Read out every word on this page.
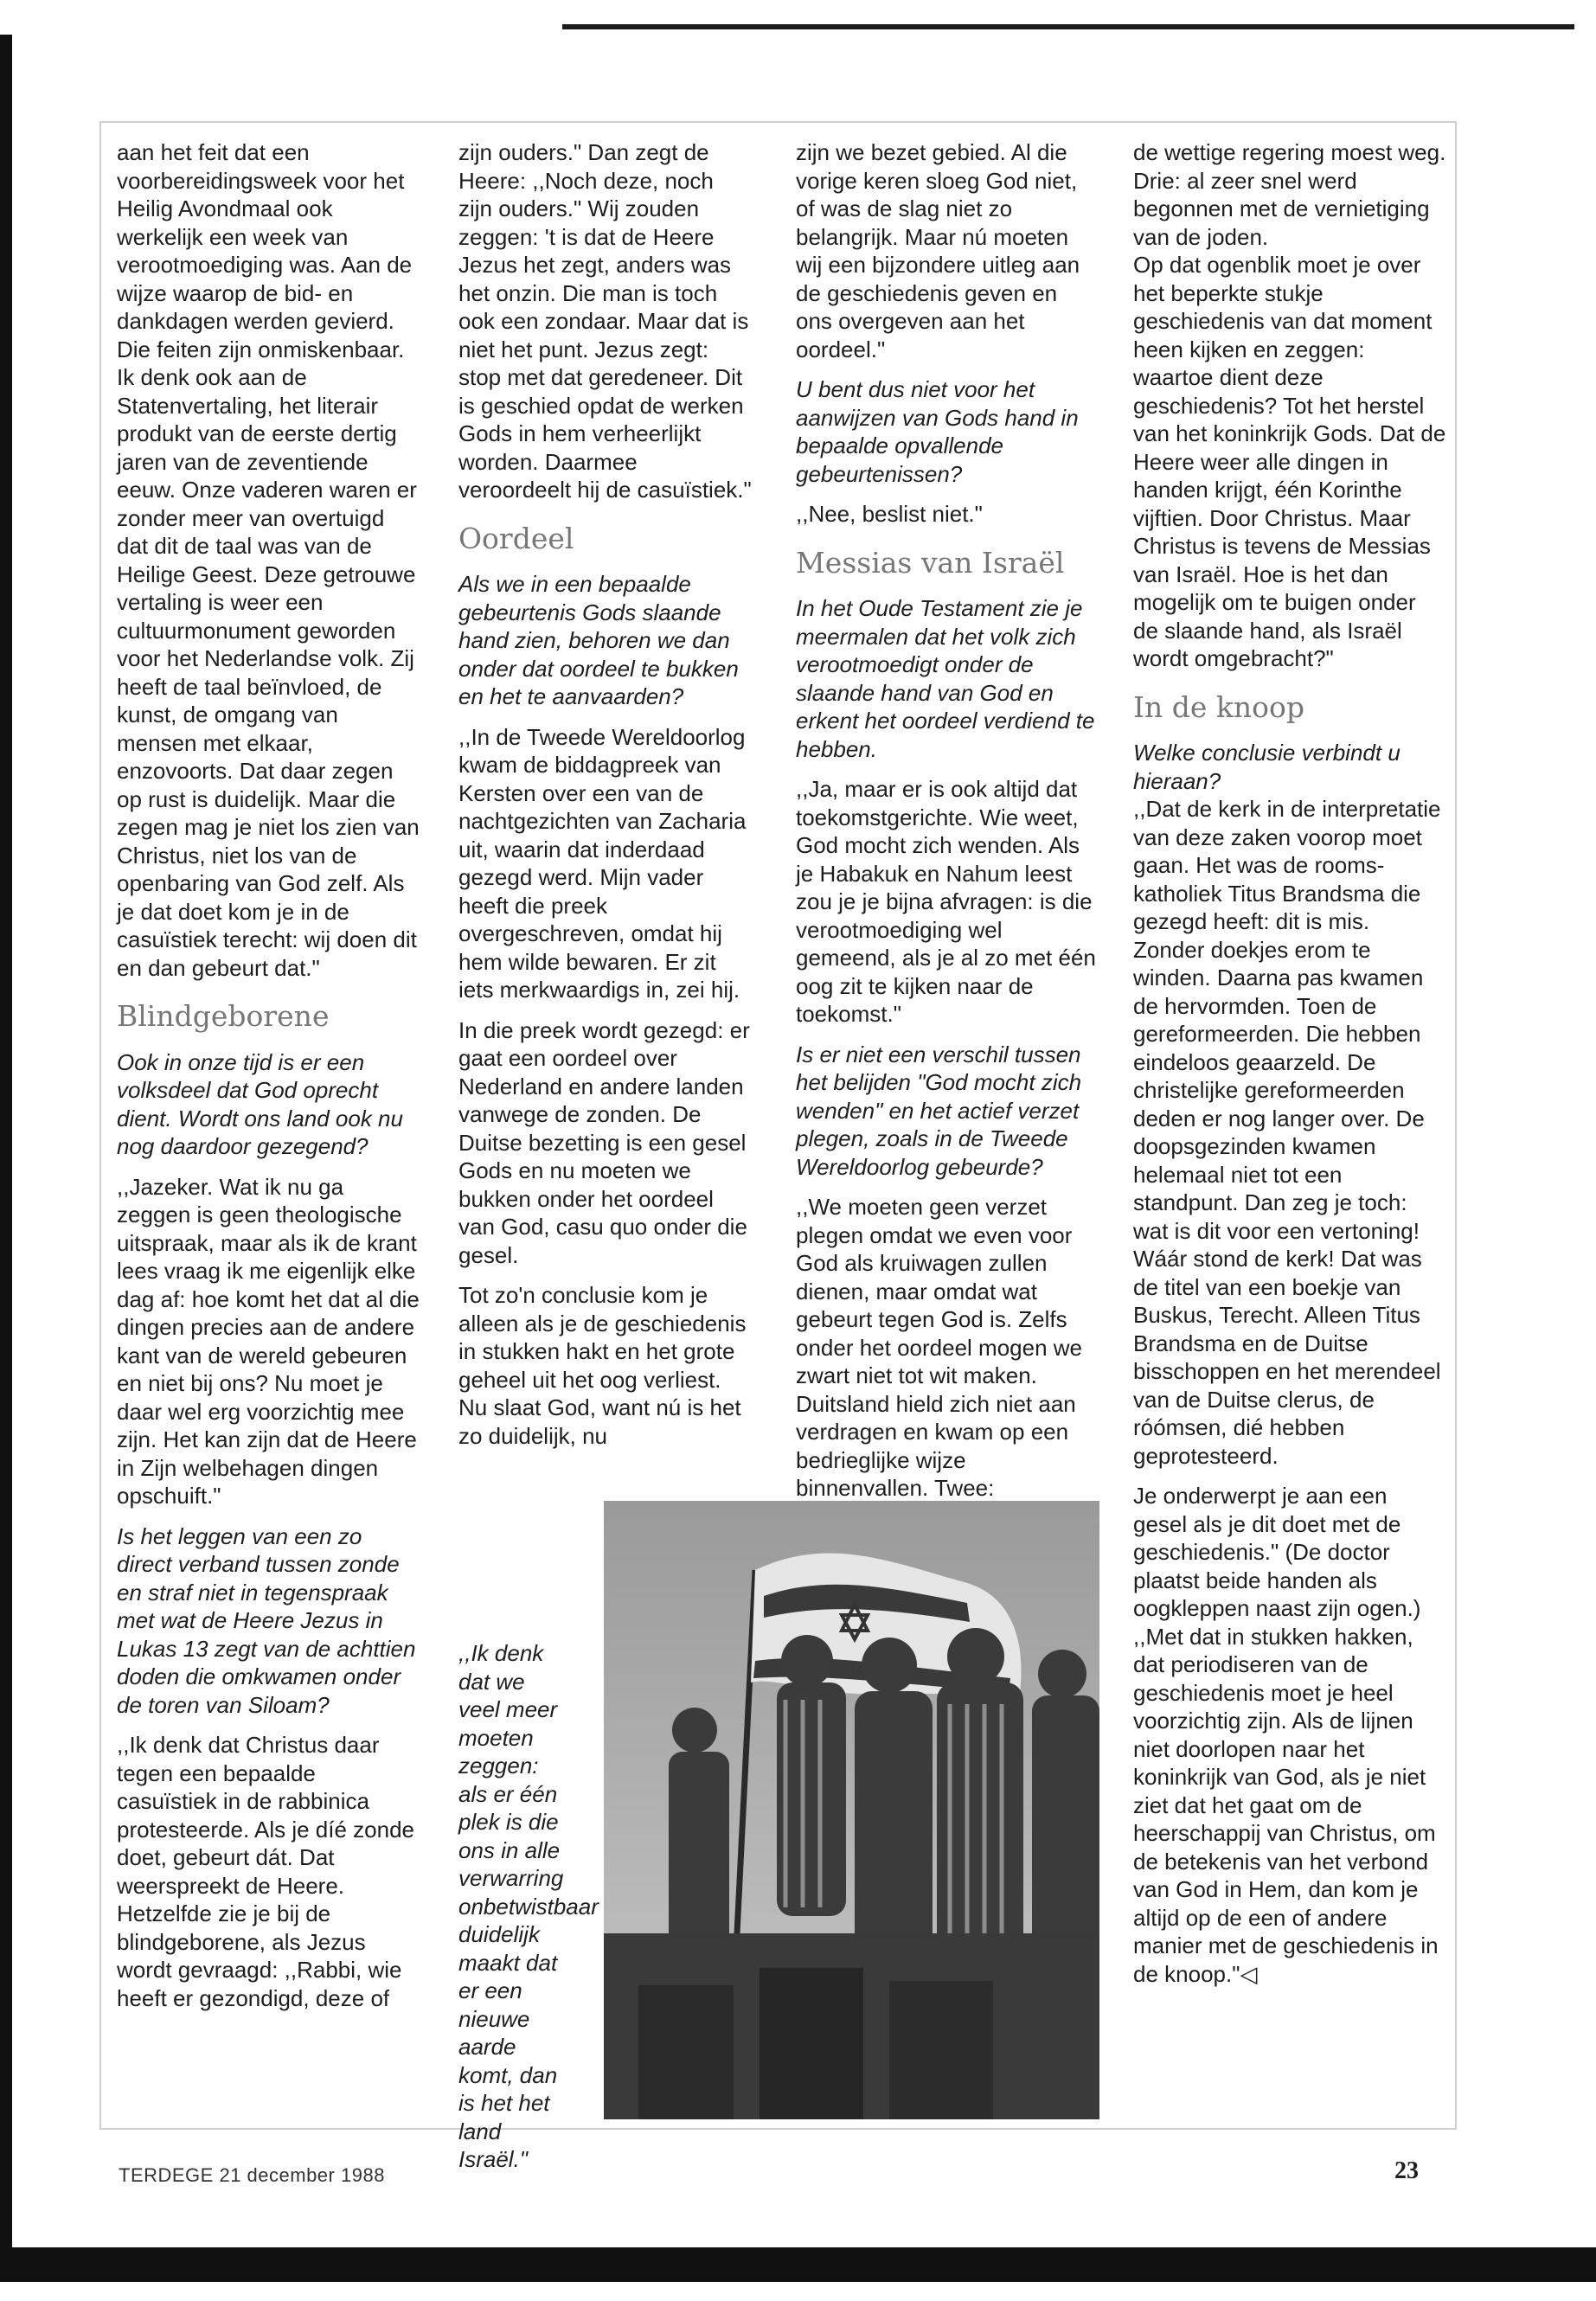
aan het feit dat een voorbereidingsweek voor het Heilig Avondmaal ook werkelijk een week van verootmoediging was. Aan de wijze waarop de bid- en dankdagen werden gevierd. Die feiten zijn onmiskenbaar. Ik denk ook aan de Statenvertaling, het literair produkt van de eerste dertig jaren van de zeventiende eeuw. Onze vaderen waren er zonder meer van overtuigd dat dit de taal was van de Heilige Geest. Deze getrouwe vertaling is weer een cultuurmonument geworden voor het Nederlandse volk. Zij heeft de taal beïnvloed, de kunst, de omgang van mensen met elkaar, enzovoorts. Dat daar zegen op rust is duidelijk. Maar die zegen mag je niet los zien van Christus, niet los van de openbaring van God zelf. Als je dat doet kom je in de casuïstiek terecht: wij doen dit en dan gebeurt dat."

Blindgeborene

Ook in onze tijd is er een volksdeel dat God oprecht dient. Wordt ons land ook nu nog daardoor gezegend?

,,Jazeker. Wat ik nu ga zeggen is geen theologische uitspraak, maar als ik de krant lees vraag ik me eigenlijk elke dag af: hoe komt het dat al die dingen precies aan de andere kant van de wereld gebeuren en niet bij ons? Nu moet je daar wel erg voorzichtig mee zijn. Het kan zijn dat de Heere in Zijn welbehagen dingen opschuift."

Is het leggen van een zo direct verband tussen zonde en straf niet in tegenspraak met wat de Heere Jezus in Lukas 13 zegt van de achttien doden die omkwamen onder de toren van Siloam?

,,Ik denk dat Christus daar tegen een bepaalde casuïstiek in de rabbinica protesteerde. Als je díé zonde doet, gebeurt dát. Dat weerspreekt de Heere. Hetzelfde zie je bij de blindgeborene, als Jezus wordt gevraagd: ,,Rabbi, wie heeft er gezondigd, deze of

zijn ouders." Dan zegt de Heere: ,,Noch deze, noch zijn ouders." Wij zouden zeggen: 't is dat de Heere Jezus het zegt, anders was het onzin. Die man is toch ook een zondaar. Maar dat is niet het punt. Jezus zegt: stop met dat geredeneer. Dit is geschied opdat de werken Gods in hem verheerlijkt worden. Daarmee veroordeelt hij de casuïstiek."

Oordeel

Als we in een bepaalde gebeurtenis Gods slaande hand zien, behoren we dan onder dat oordeel te bukken en het te aanvaarden?

,,In de Tweede Wereldoorlog kwam de biddagpreek van Kersten over een van de nachtgezichten van Zacharia uit, waarin dat inderdaad gezegd werd. Mijn vader heeft die preek overgeschreven, omdat hij hem wilde bewaren. Er zit iets merkwaardigs in, zei hij.

In die preek wordt gezegd: er gaat een oordeel over Nederland en andere landen vanwege de zonden. De Duitse bezetting is een gesel Gods en nu moeten we bukken onder het oordeel van God, casu quo onder die gesel.

Tot zo'n conclusie kom je alleen als je de geschiedenis in stukken hakt en het grote geheel uit het oog verliest. Nu slaat God, want nú is het zo duidelijk, nu

,,Ik denk dat we veel meer moeten zeggen: als er één plek is die ons in alle verwarring onbetwistbaar duidelijk maakt dat er een nieuwe aarde komt, dan is het het land Israël."

zijn we bezet gebied. Al die vorige keren sloeg God niet, of was de slag niet zo belangrijk. Maar nú moeten wij een bijzondere uitleg aan de geschiedenis geven en ons overgeven aan het oordeel."

U bent dus niet voor het aanwijzen van Gods hand in bepaalde opvallende gebeurtenissen?

,,Nee, beslist niet."

Messias van Israël

In het Oude Testament zie je meermalen dat het volk zich verootmoedigt onder de slaande hand van God en erkent het oordeel verdiend te hebben.

,,Ja, maar er is ook altijd dat toekomstgerichte. Wie weet, God mocht zich wenden. Als je Habakuk en Nahum leest zou je je bijna afvragen: is die verootmoediging wel gemeend, als je al zo met één oog zit te kijken naar de toekomst."

Is er niet een verschil tussen het belijden "God mocht zich wenden" en het actief verzet plegen, zoals in de Tweede Wereldoorlog gebeurde?

,,We moeten geen verzet plegen omdat we even voor God als kruiwagen zullen dienen, maar omdat wat gebeurt tegen God is. Zelfs onder het oordeel mogen we zwart niet tot wit maken. Duitsland hield zich niet aan verdragen en kwam op een bedrieglijke wijze binnenvallen. Twee:

de wettige regering moest weg. Drie: al zeer snel werd begonnen met de vernietiging van de joden.

Op dat ogenblik moet je over het beperkte stukje geschiedenis van dat moment heen kijken en zeggen: waartoe dient deze geschiedenis? Tot het herstel van het koninkrijk Gods. Dat de Heere weer alle dingen in handen krijgt, één Korinthe vijftien. Door Christus. Maar Christus is tevens de Messias van Israël. Hoe is het dan mogelijk om te buigen onder de slaande hand, als Israël wordt omgebracht?"

In de knoop

Welke conclusie verbindt u hieraan?

,,Dat de kerk in de interpretatie van deze zaken voorop moet gaan. Het was de rooms-katholiek Titus Brandsma die gezegd heeft: dit is mis. Zonder doekjes erom te winden. Daarna pas kwamen de hervormden. Toen de gereformeerden. Die hebben eindeloos geaarzeld. De christelijke gereformeerden deden er nog langer over. De doopsgezinden kwamen helemaal niet tot een standpunt. Dan zeg je toch: wat is dit voor een vertoning! Wáár stond de kerk! Dat was de titel van een boekje van Buskus, Terecht. Alleen Titus Brandsma en de Duitse bisschoppen en het merendeel van de Duitse clerus, de róómsen, dié hebben geprotesteerd.

Je onderwerpt je aan een gesel als je dit doet met de geschiedenis." (De doctor plaatst beide handen als oogkleppen naast zijn ogen.) ,,Met dat in stukken hakken, dat periodiseren van de geschiedenis moet je heel voorzichtig zijn. Als de lijnen niet doorlopen naar het koninkrijk van God, als je niet ziet dat het gaat om de heerschappij van Christus, om de betekenis van het verbond van God in Hem, dan kom je altijd op de een of andere manier met de geschiedenis in de knoop."◁

TERDEGE 21 december 1988	23
